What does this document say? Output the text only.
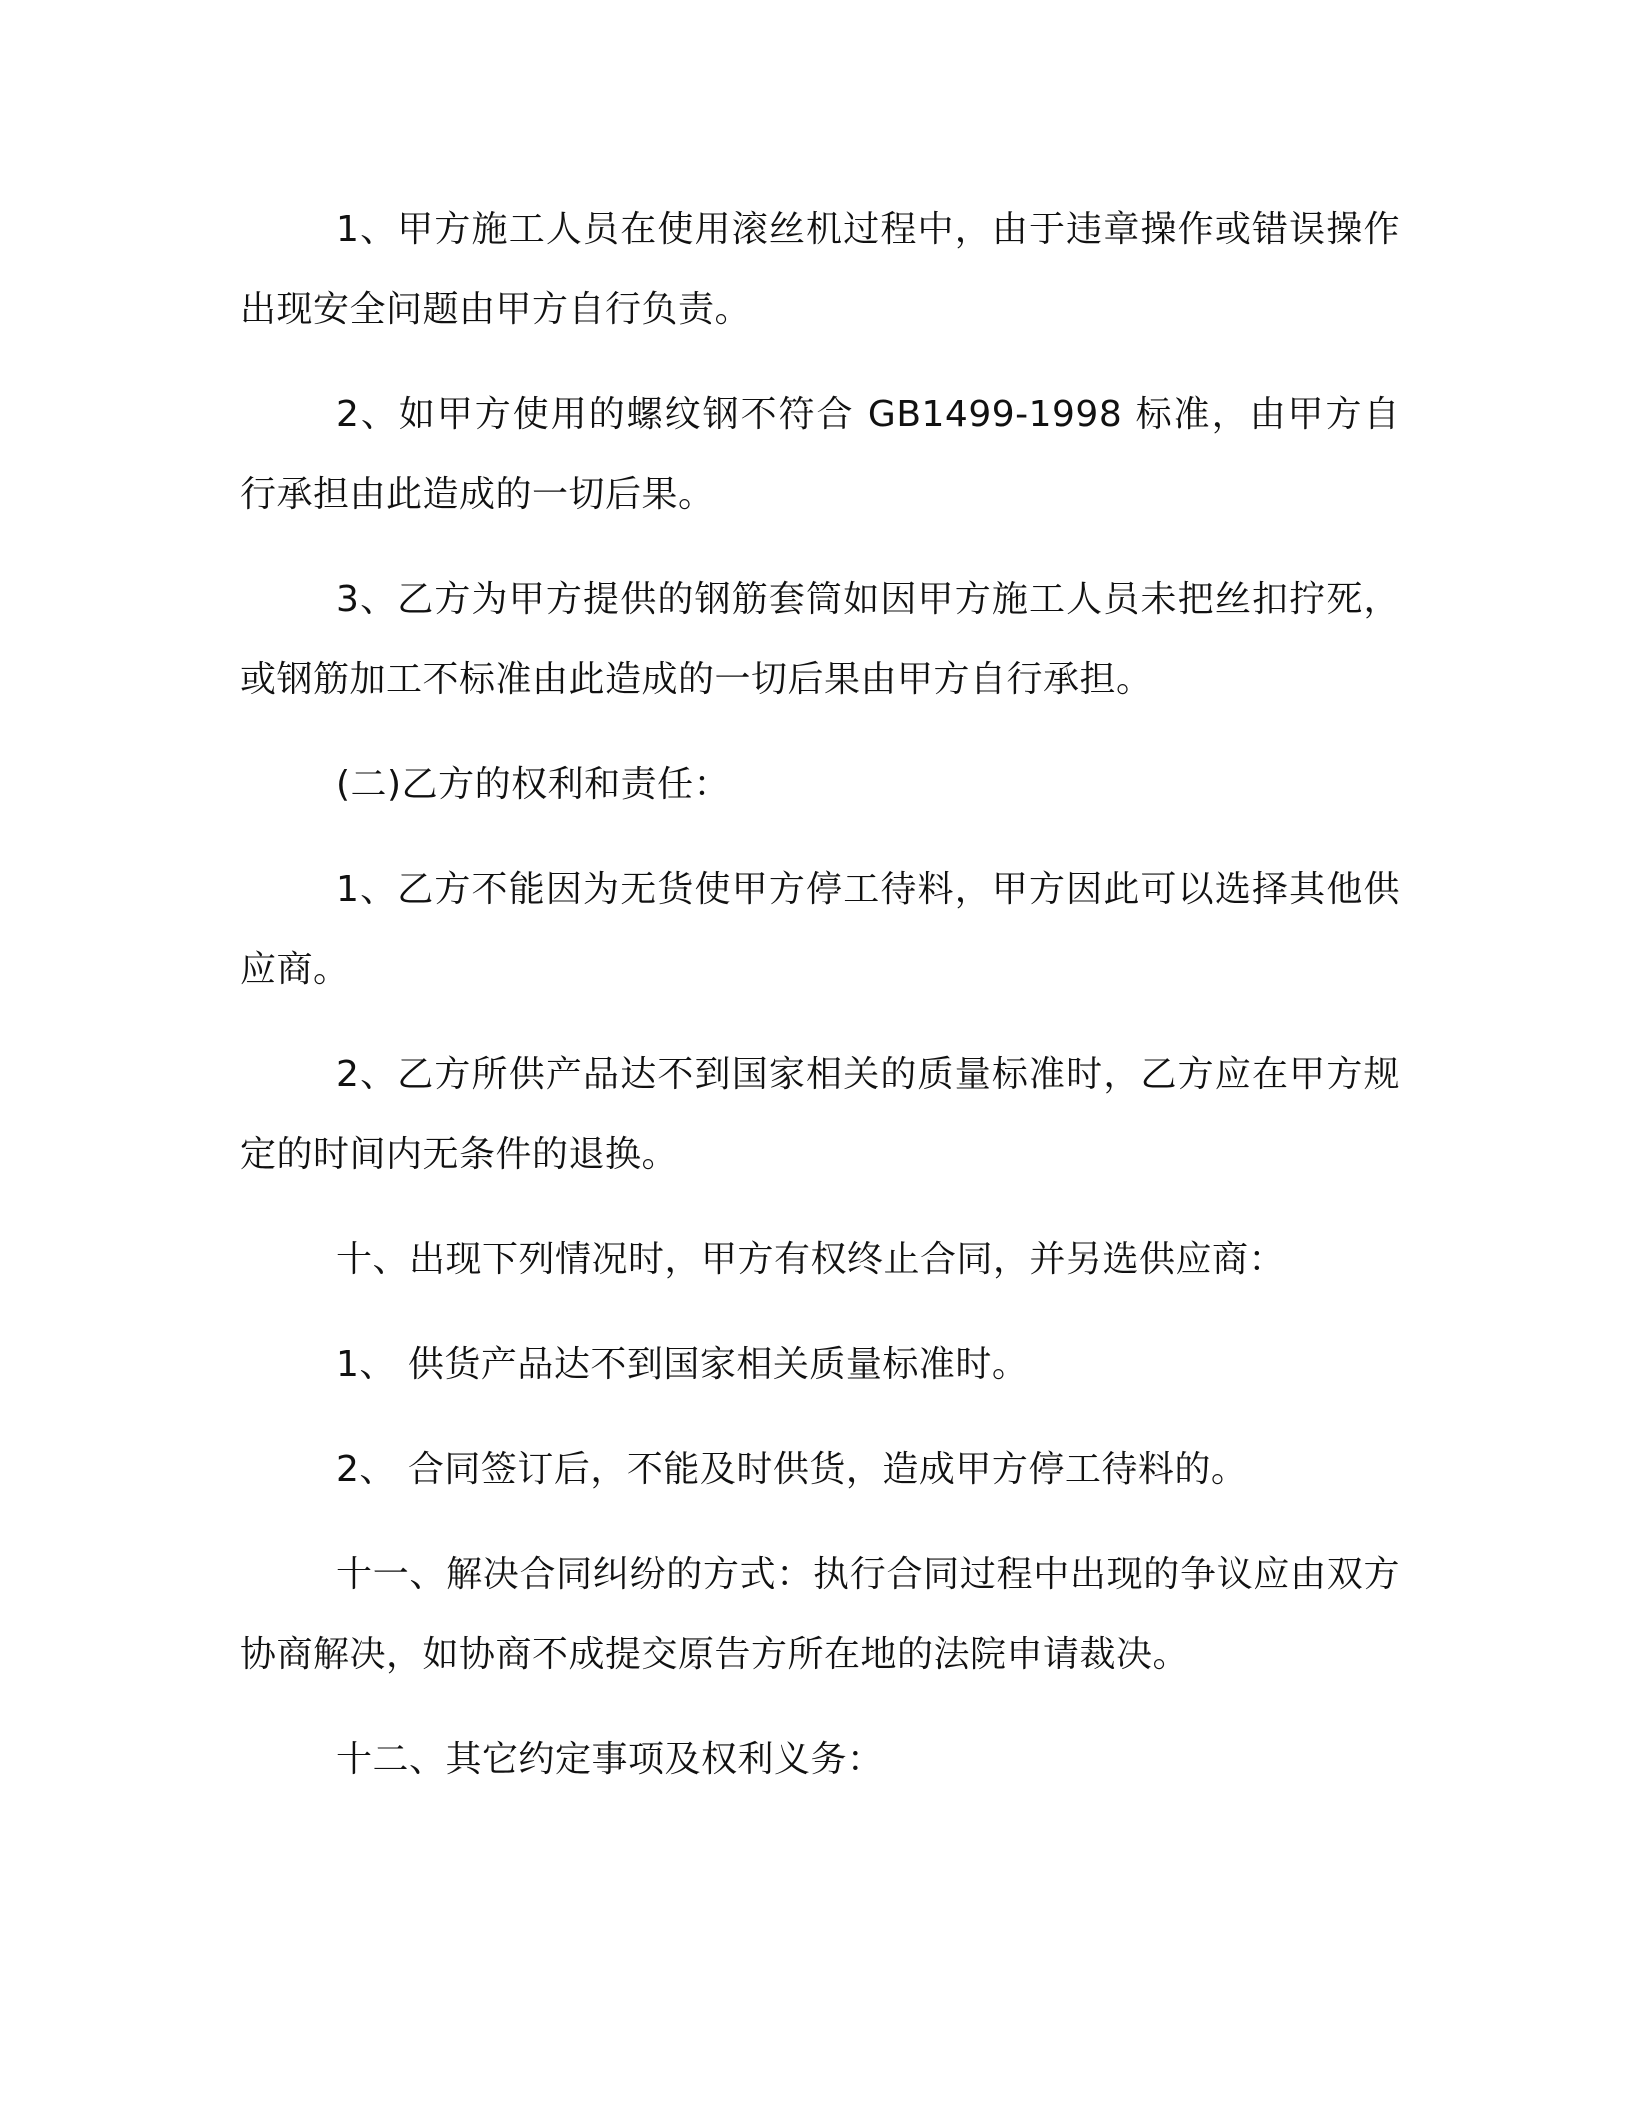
1、甲方施工人员在使用滚丝机过程中，由于违章操作或错误操作出现安全问题由甲方自行负责。

2、如甲方使用的螺纹钢不符合 GB1499-1998 标准，由甲方自行承担由此造成的一切后果。

3、乙方为甲方提供的钢筋套筒如因甲方施工人员未把丝扣拧死，或钢筋加工不标准由此造成的一切后果由甲方自行承担。

(二)乙方的权利和责任：

1、乙方不能因为无货使甲方停工待料，甲方因此可以选择其他供应商。

2、乙方所供产品达不到国家相关的质量标准时，乙方应在甲方规定的时间内无条件的退换。

十、出现下列情况时，甲方有权终止合同，并另选供应商：

1、 供货产品达不到国家相关质量标准时。

2、 合同签订后，不能及时供货，造成甲方停工待料的。

十一、解决合同纠纷的方式：执行合同过程中出现的争议应由双方协商解决，如协商不成提交原告方所在地的法院申请裁决。

十二、其它约定事项及权利义务：
